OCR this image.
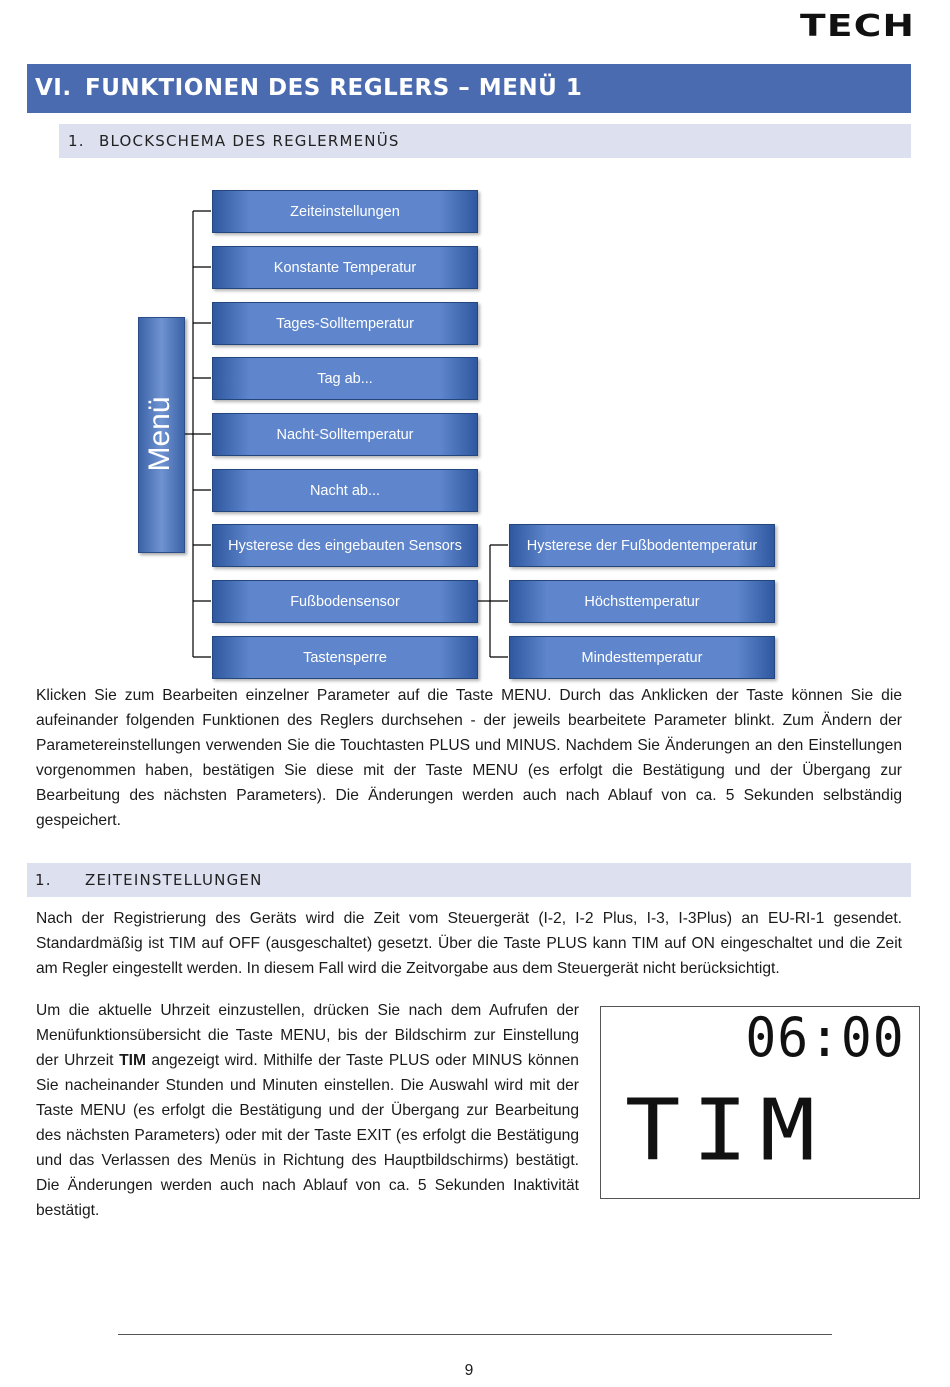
TECH
VI. FUNKTIONEN DES REGLERS – MENÜ 1
1. BLOCKSCHEMA DES REGLERMENÜS
Menü
Zeiteinstellungen
Konstante Temperatur
Tages-Solltemperatur
Tag ab...
Nacht-Solltemperatur
Nacht ab...
Hysterese des eingebauten Sensors
Fußbodensensor
Tastensperre
Hysterese der Fußbodentemperatur
Höchsttemperatur
Mindesttemperatur

Klicken Sie zum Bearbeiten einzelner Parameter auf die Taste MENU. Durch das Anklicken der Taste können Sie die aufeinander folgenden Funktionen des Reglers durchsehen - der jeweils bearbeitete Parameter blinkt. Zum Ändern der Parametereinstellungen verwenden Sie die Touchtasten PLUS und MINUS. Nachdem Sie Änderungen an den Einstellungen vorgenommen haben, bestätigen Sie diese mit der Taste MENU (es erfolgt die Bestätigung und der Übergang zur Bearbeitung des nächsten Parameters). Die Änderungen werden auch nach Ablauf von ca. 5 Sekunden selbständig gespeichert.

1. ZEITEINSTELLUNGEN

Nach der Registrierung des Geräts wird die Zeit vom Steuergerät (I-2, I-2 Plus, I-3, I-3Plus) an EU-RI-1 gesendet. Standardmäßig ist TIM auf OFF (ausgeschaltet) gesetzt. Über die Taste PLUS kann TIM auf ON eingeschaltet und die Zeit am Regler eingestellt werden. In diesem Fall wird die Zeitvorgabe aus dem Steuergerät nicht berücksichtigt.

Um die aktuelle Uhrzeit einzustellen, drücken Sie nach dem Aufrufen der Menüfunktionsübersicht die Taste MENU, bis der Bildschirm zur Einstellung der Uhrzeit TIM angezeigt wird. Mithilfe der Taste PLUS oder MINUS können Sie nacheinander Stunden und Minuten einstellen. Die Auswahl wird mit der Taste MENU (es erfolgt die Bestätigung und der Übergang zur Bearbeitung des nächsten Parameters) oder mit der Taste EXIT (es erfolgt die Bestätigung und das Verlassen des Menüs in Richtung des Hauptbildschirms) bestätigt. Die Änderungen werden auch nach Ablauf von ca. 5 Sekunden Inaktivität bestätigt.

06:00
TIM
9
